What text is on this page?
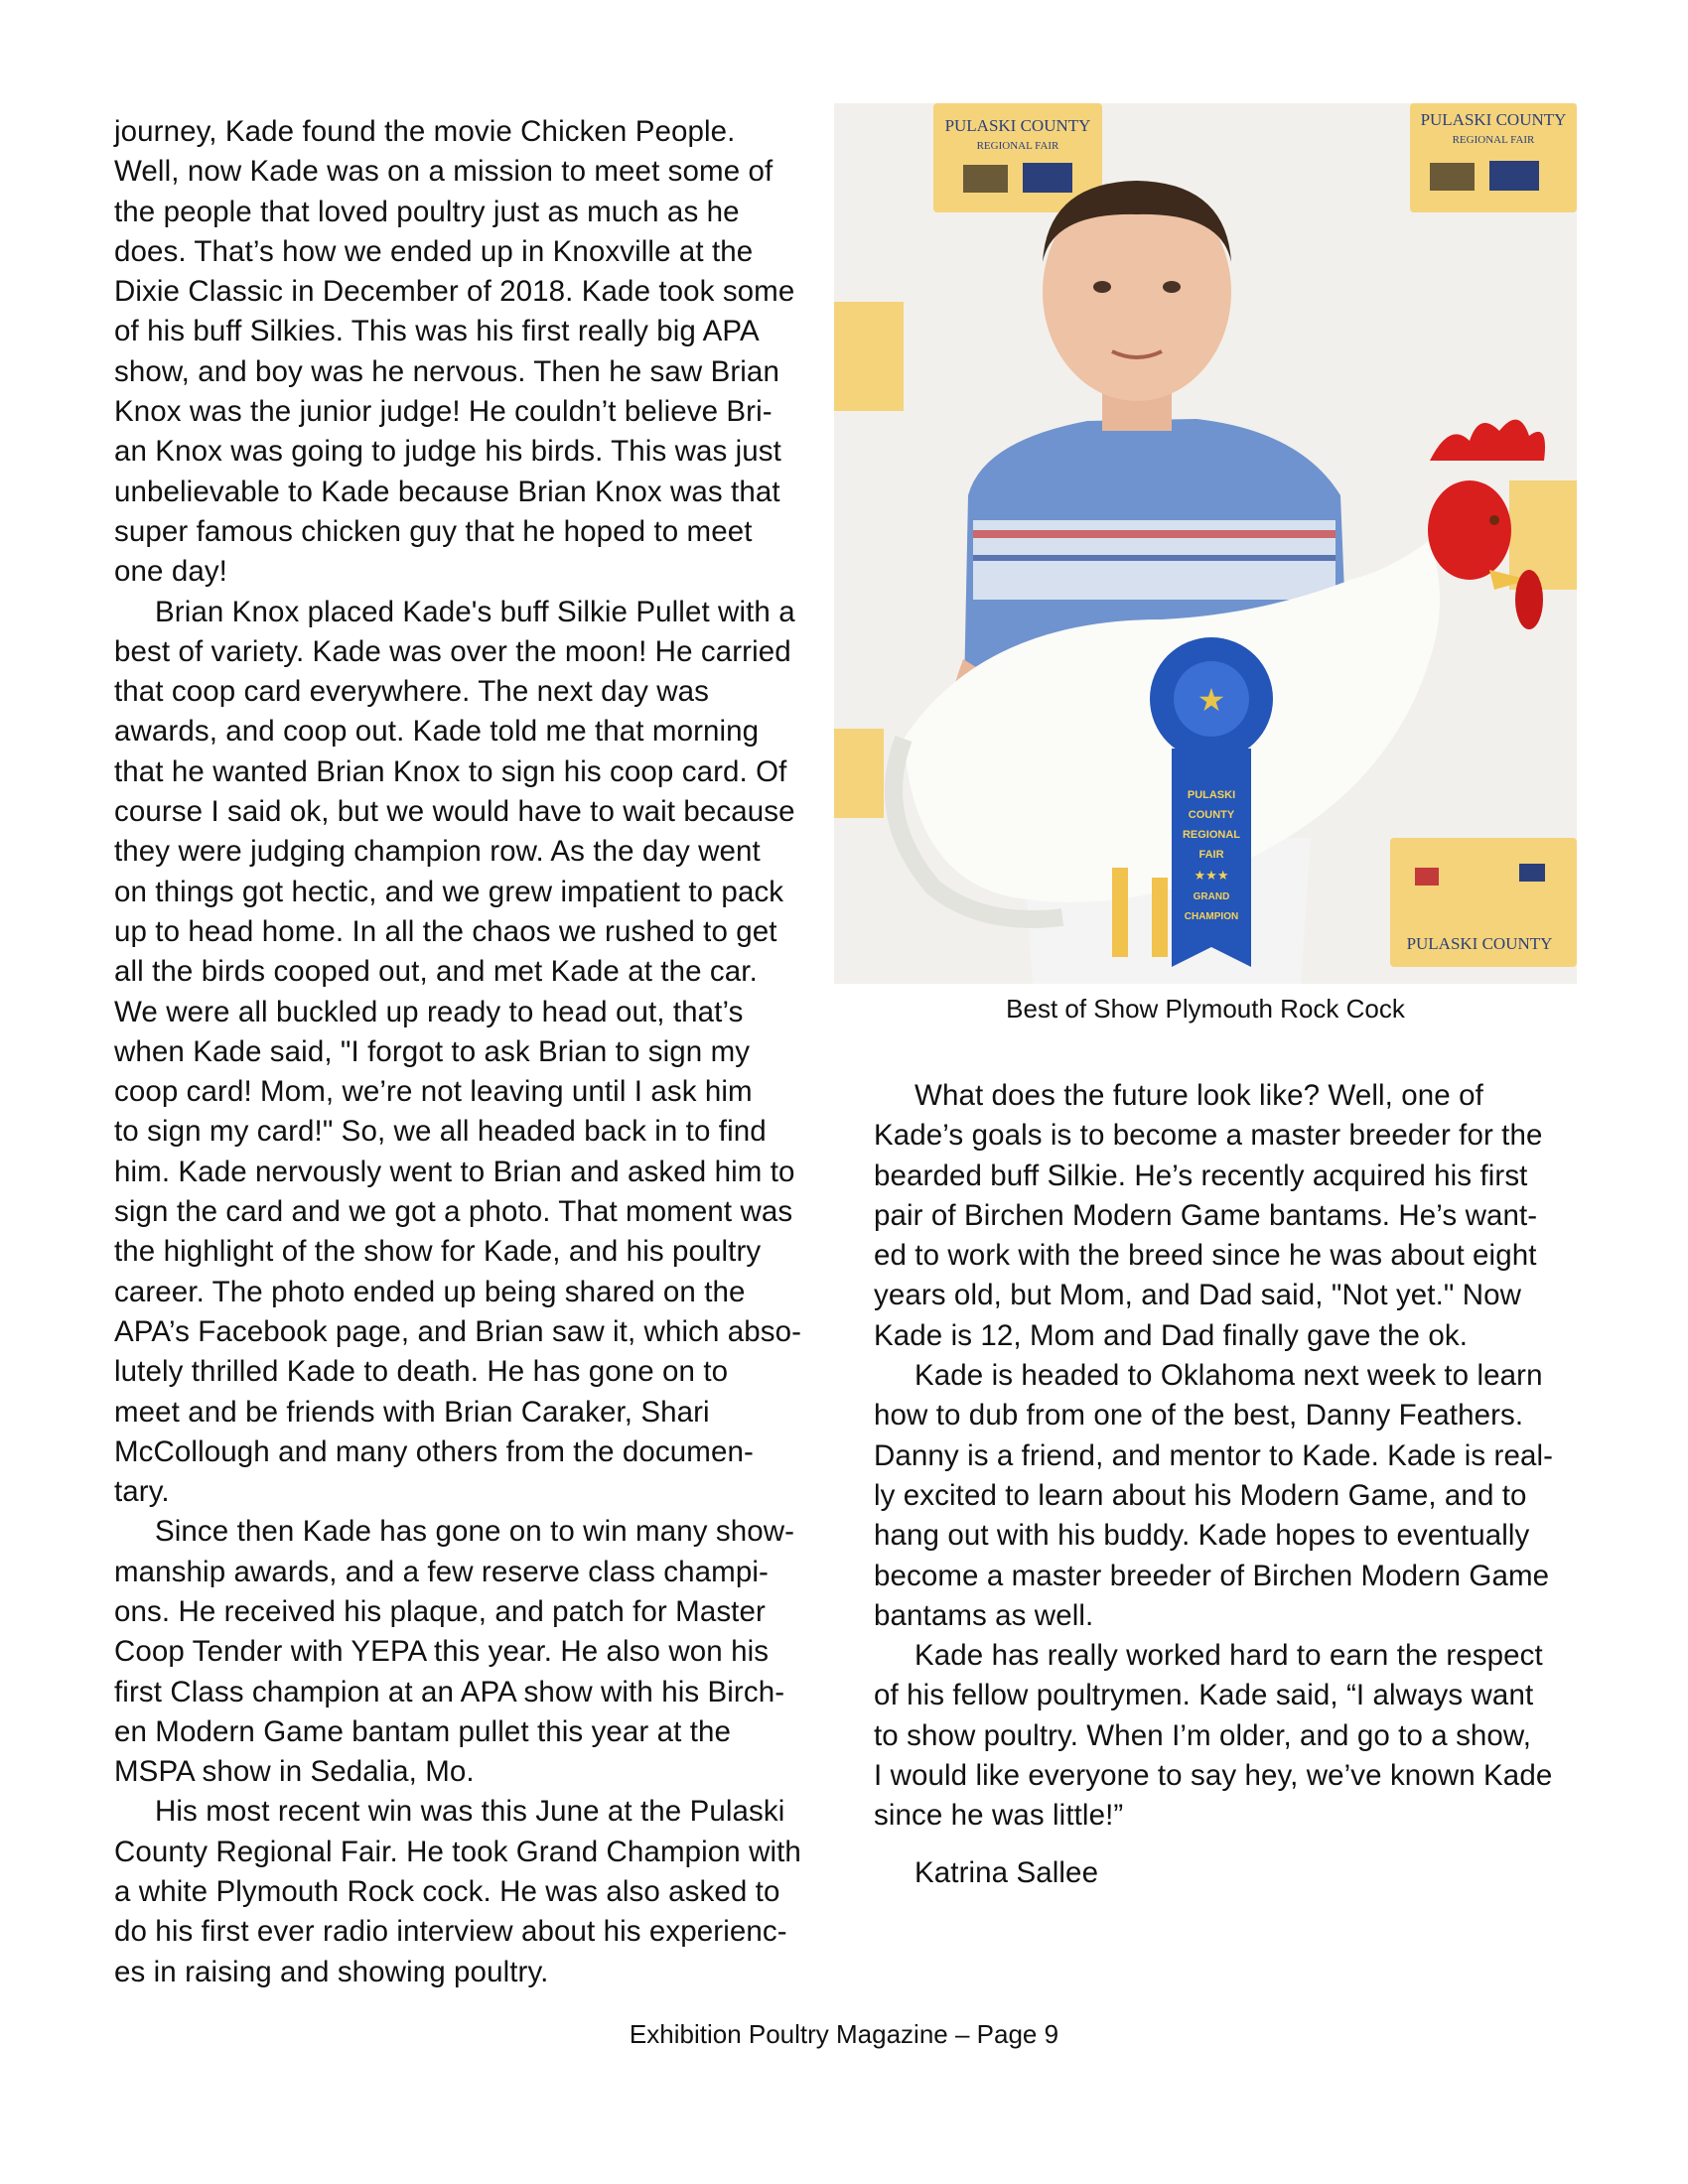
journey, Kade found the movie Chicken People.
Well, now Kade was on a mission to meet some of
the people that loved poultry just as much as he
does. That’s how we ended up in Knoxville at the
Dixie Classic in December of 2018. Kade took some
of his buff Silkies. This was his first really big APA
show, and boy was he nervous. Then he saw Brian
Knox was the junior judge! He couldn’t believe Bri-
an Knox was going to judge his birds. This was just
unbelievable to Kade because Brian Knox was that
super famous chicken guy that he hoped to meet
one day!
Brian Knox placed Kade's buff Silkie Pullet with a
best of variety. Kade was over the moon! He carried
that coop card everywhere. The next day was
awards, and coop out. Kade told me that morning
that he wanted Brian Knox to sign his coop card. Of
course I said ok, but we would have to wait because
they were judging champion row. As the day went
on things got hectic, and we grew impatient to pack
up to head home. In all the chaos we rushed to get
all the birds cooped out, and met Kade at the car.
We were all buckled up ready to head out, that’s
when Kade said, "I forgot to ask Brian to sign my
coop card! Mom, we’re not leaving until I ask him
to sign my card!" So, we all headed back in to find
him. Kade nervously went to Brian and asked him to
sign the card and we got a photo. That moment was
the highlight of the show for Kade, and his poultry
career. The photo ended up being shared on the
APA’s Facebook page, and Brian saw it, which abso-
lutely thrilled Kade to death. He has gone on to
meet and be friends with Brian Caraker, Shari
McCollough and many others from the documen-
tary.
Since then Kade has gone on to win many show-
manship awards, and a few reserve class champi-
ons. He received his plaque, and patch for Master
Coop Tender with YEPA this year. He also won his
first Class champion at an APA show with his Birch-
en Modern Game bantam pullet this year at the
MSPA show in Sedalia, Mo.
His most recent win was this June at the Pulaski
County Regional Fair. He took Grand Champion with
a white Plymouth Rock cock. He was also asked to
do his first ever radio interview about his experienc-
es in raising and showing poultry.
PULASKI COUNTY
REGIONAL FAIR
PULASKI COUNTY
REGIONAL FAIR
PULASKI COUNTY
★
PULASKI
COUNTY
REGIONAL
FAIR
★★★
GRAND
CHAMPION
Best of Show Plymouth Rock Cock
What does the future look like? Well, one of
Kade’s goals is to become a master breeder for the
bearded buff Silkie. He’s recently acquired his first
pair of Birchen Modern Game bantams. He’s want-
ed to work with the breed since he was about eight
years old, but Mom, and Dad said, "Not yet." Now
Kade is 12, Mom and Dad finally gave the ok.
Kade is headed to Oklahoma next week to learn
how to dub from one of the best, Danny Feathers.
Danny is a friend, and mentor to Kade. Kade is real-
ly excited to learn about his Modern Game, and to
hang out with his buddy. Kade hopes to eventually
become a master breeder of Birchen Modern Game
bantams as well.
Kade has really worked hard to earn the respect
of his fellow poultrymen. Kade said, “I always want
to show poultry. When I’m older, and go to a show,
I would like everyone to say hey, we’ve known Kade
since he was little!”
Katrina Sallee
Exhibition Poultry Magazine – Page 9
